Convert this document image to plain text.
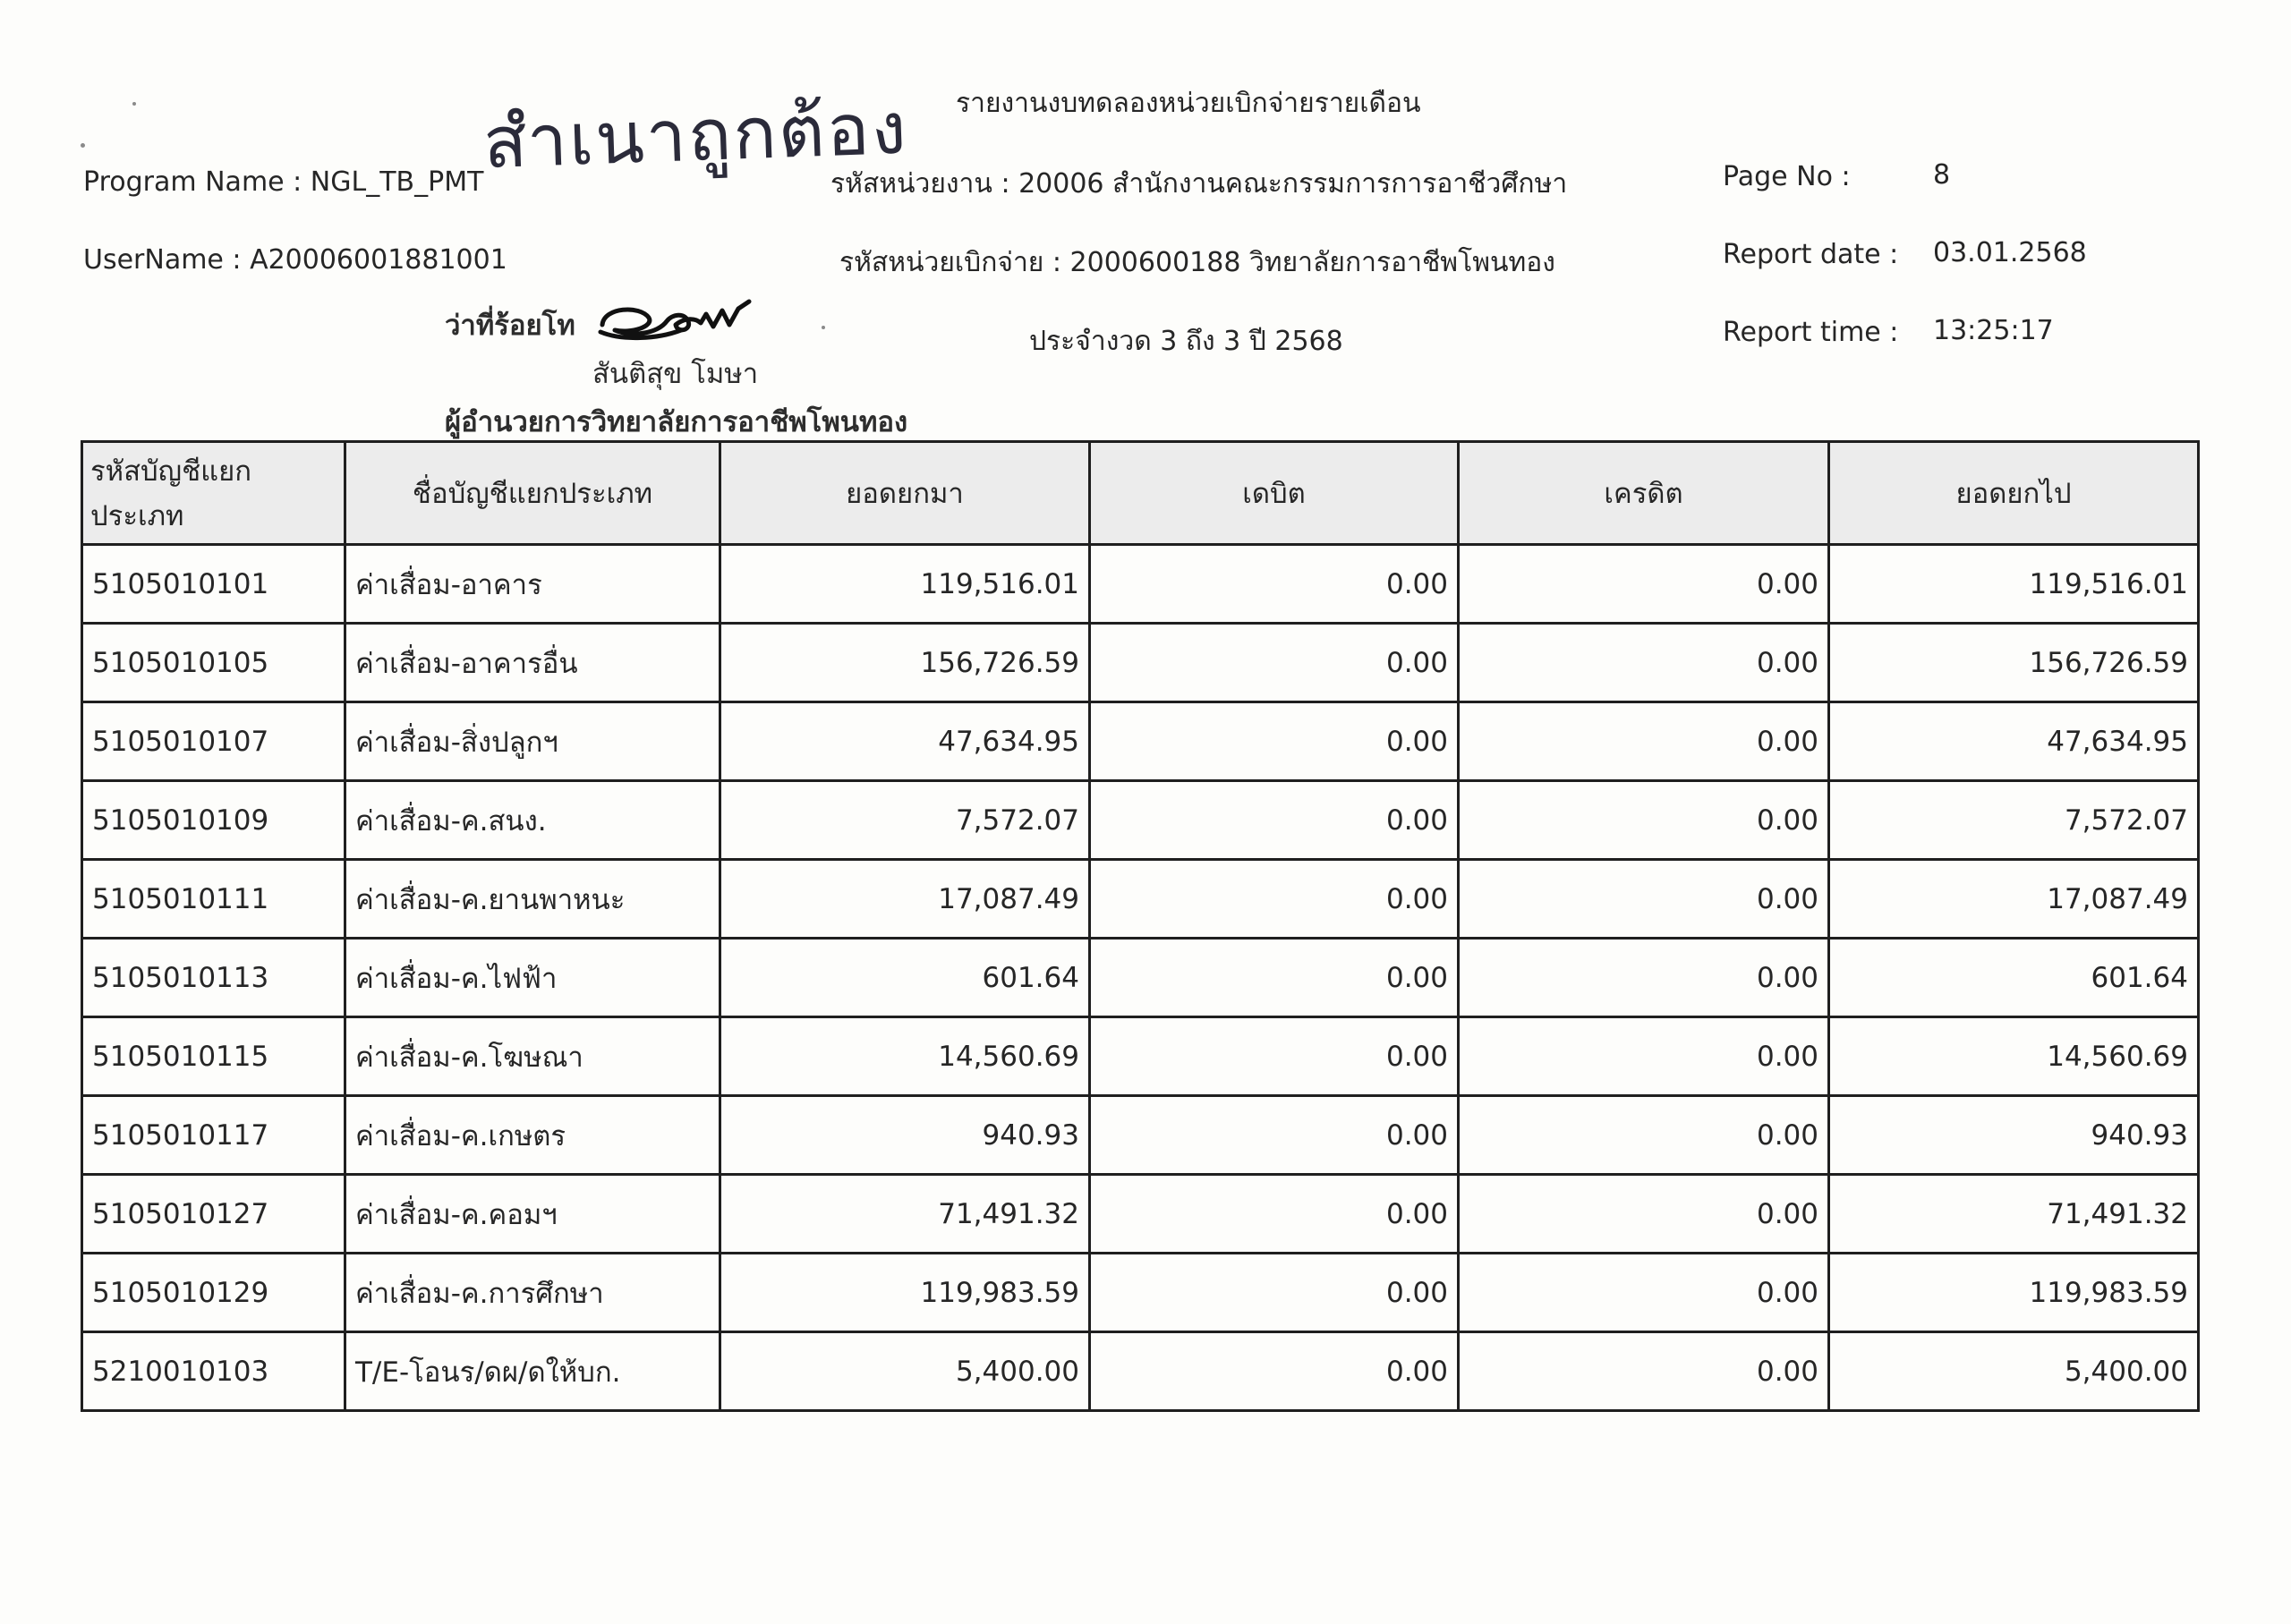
สำเนาถูกต้อง รายงานงบทดลองหน่วยเบิกจ่ายรายเดือน
Program Name : NGL_TB_PMT
UserName : A20006001881001
รหัสหน่วยงาน : 20006 สำนักงานคณะกรรมการการอาชีวศึกษา
รหัสหน่วยเบิกจ่าย : 2000600188 วิทยาลัยการอาชีพโพนทอง
ประจำงวด 3 ถึง 3 ปี 2568
Page No :	8
Report date : 03.01.2568
Report time : 13:25:17
ว่าที่ร้อยโท
สันติสุข โมษา
ผู้อำนวยการวิทยาลัยการอาชีพโพนทอง
รหัสบัญชีแยกประเภท	ชื่อบัญชีแยกประเภท	ยอดยกมา	เดบิต	เครดิต	ยอดยกไป
5105010101	ค่าเสื่อม-อาคาร	119,516.01	0.00	0.00	119,516.01
5105010105	ค่าเสื่อม-อาคารอื่น	156,726.59	0.00	0.00	156,726.59
5105010107	ค่าเสื่อม-สิ่งปลูกฯ	47,634.95	0.00	0.00	47,634.95
5105010109	ค่าเสื่อม-ค.สนง.	7,572.07	0.00	0.00	7,572.07
5105010111	ค่าเสื่อม-ค.ยานพาหนะ	17,087.49	0.00	0.00	17,087.49
5105010113	ค่าเสื่อม-ค.ไฟฟ้า	601.64	0.00	0.00	601.64
5105010115	ค่าเสื่อม-ค.โฆษณา	14,560.69	0.00	0.00	14,560.69
5105010117	ค่าเสื่อม-ค.เกษตร	940.93	0.00	0.00	940.93
5105010127	ค่าเสื่อม-ค.คอมฯ	71,491.32	0.00	0.00	71,491.32
5105010129	ค่าเสื่อม-ค.การศึกษา	119,983.59	0.00	0.00	119,983.59
5210010103	T/E-โอนร/ดผ/ดให้บก.	5,400.00	0.00	0.00	5,400.00
